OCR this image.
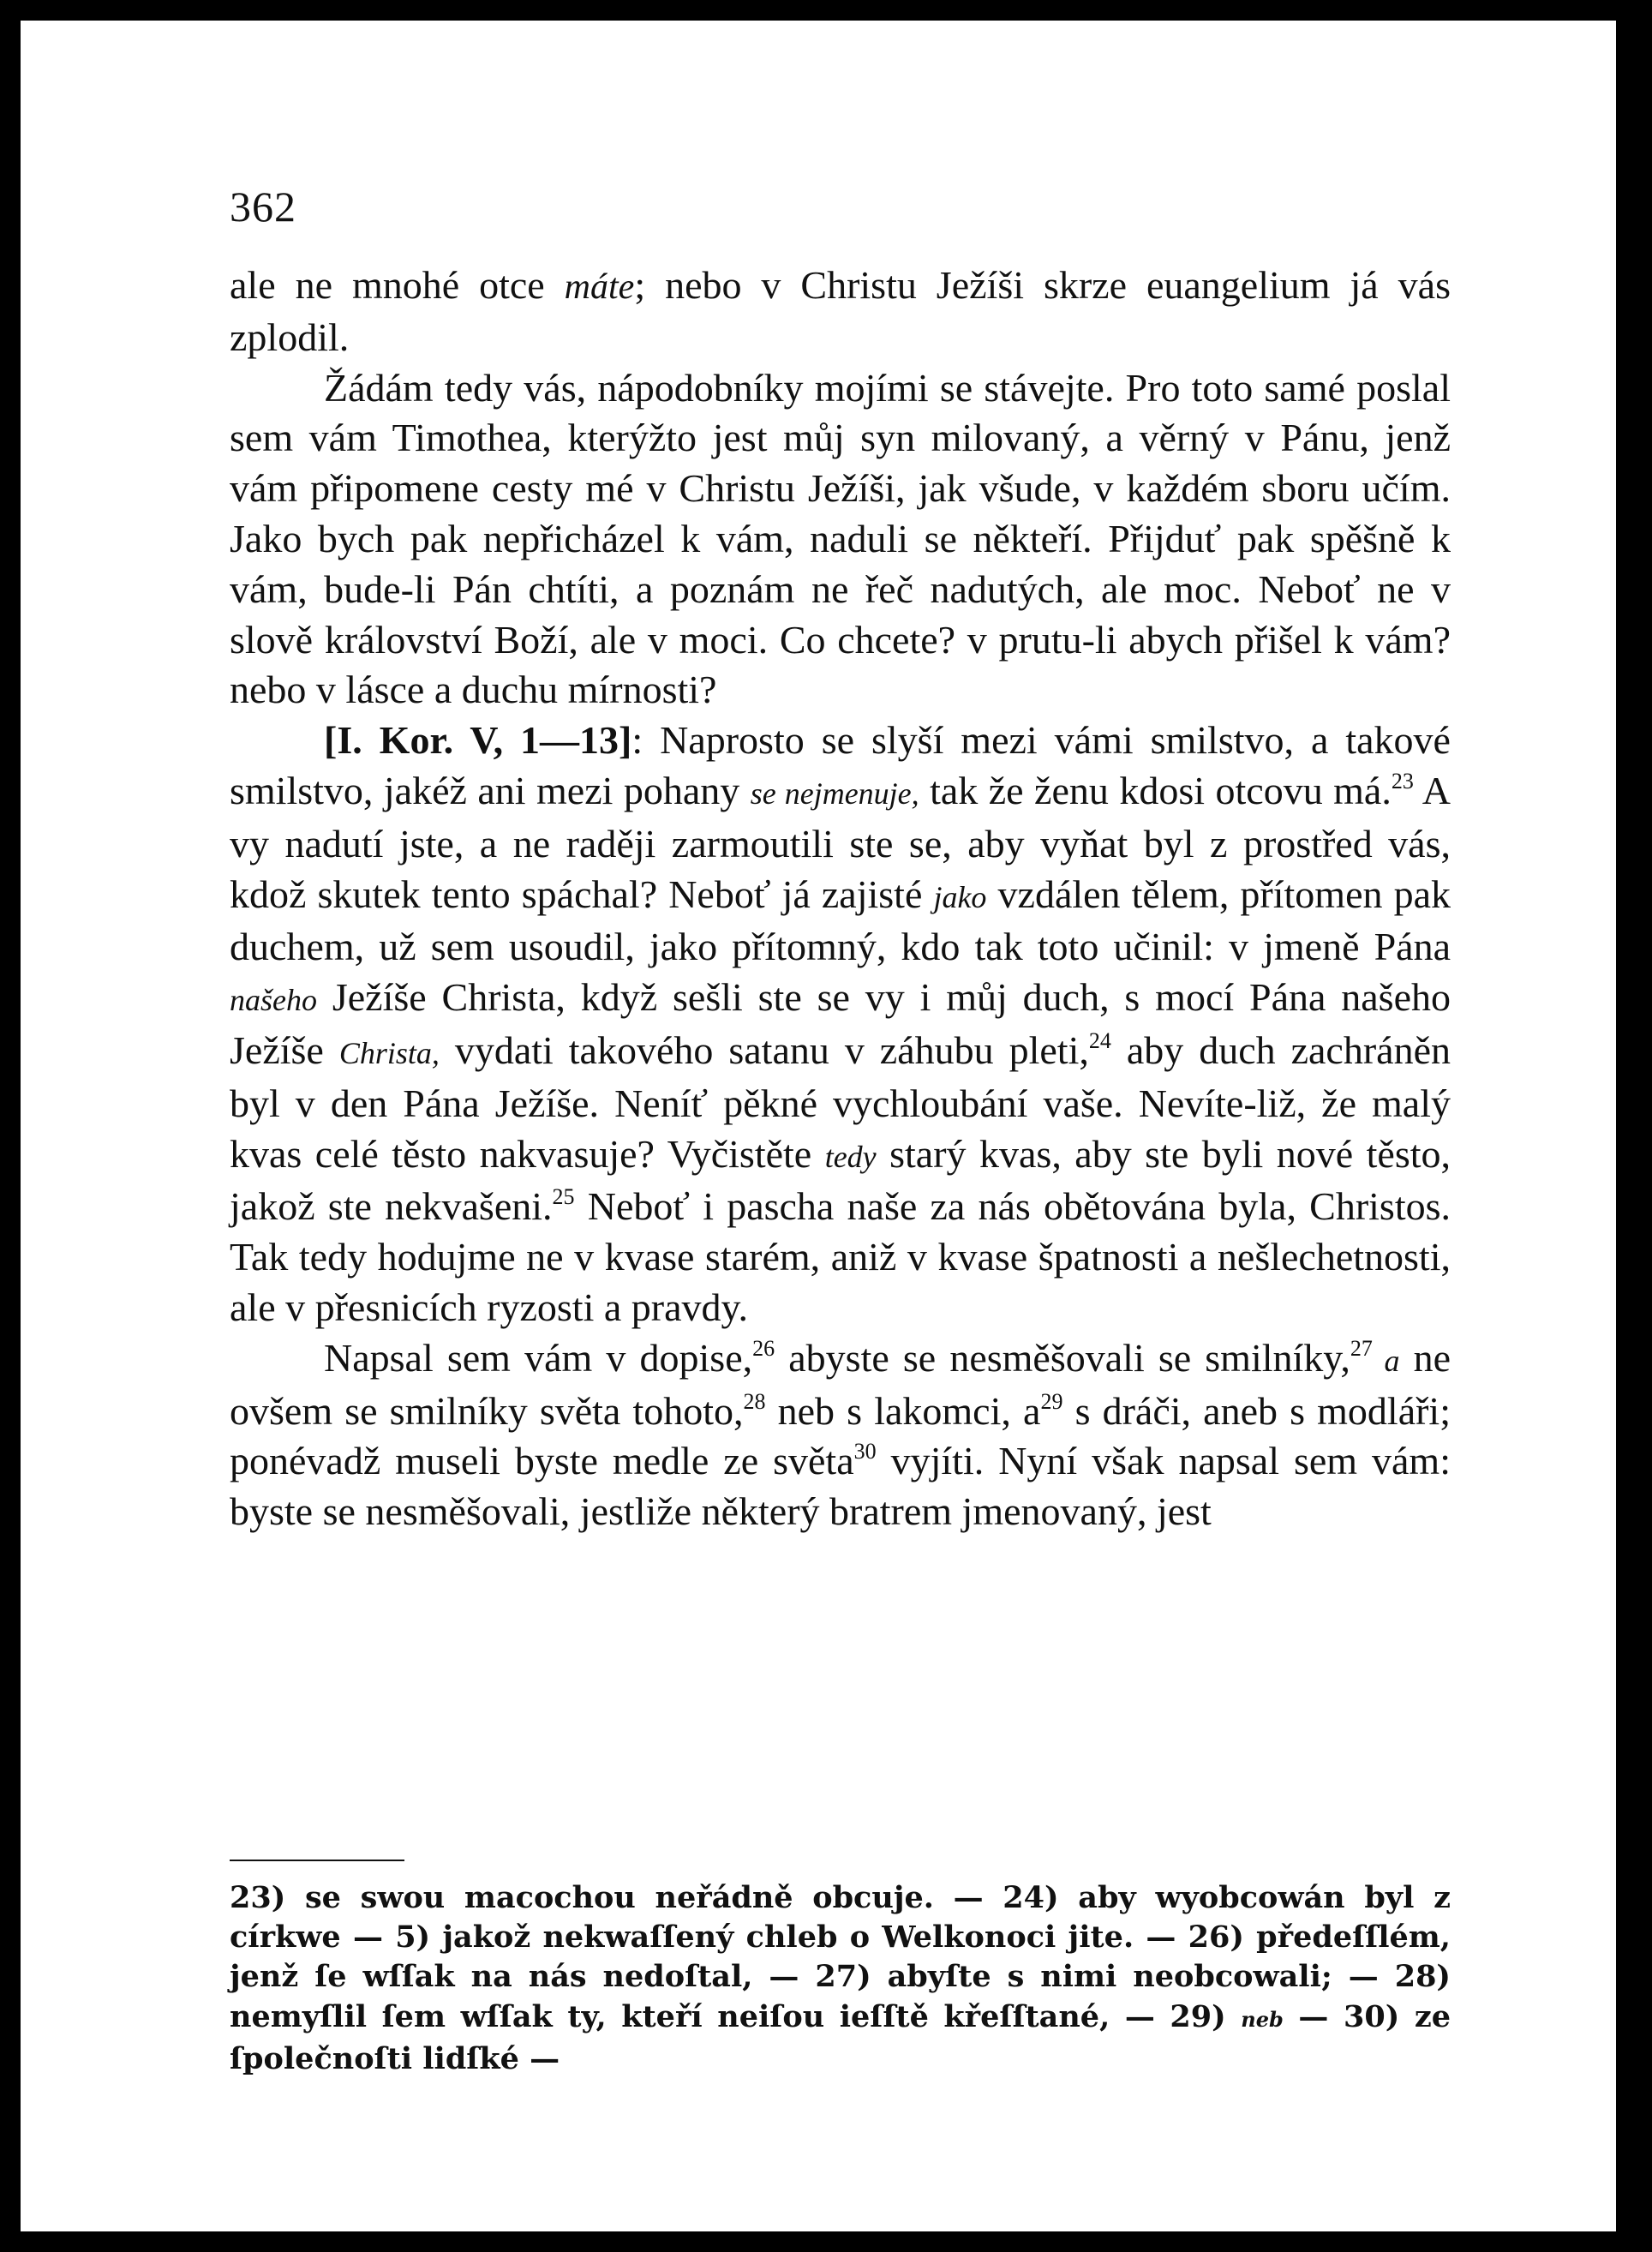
362

ale ne mnohé otce máte; nebo v Christu Ježíši skrze euangelium já vás zplodil.

Žádám tedy vás, nápodobníky mojími se stávejte. Pro toto samé poslal sem vám Timothea, kterýžto jest můj syn milovaný, a věrný v Pánu, jenž vám připomene cesty mé v Christu Ježíši, jak všude, v každém sboru učím. Jako bych pak nepřicházel k vám, naduli se někteří. Přijduť pak spěšně k vám, bude-li Pán chtíti, a poznám ne řeč nadutých, ale moc. Neboť ne v slově království Boží, ale v moci. Co chcete? v prutu-li abych přišel k vám? nebo v lásce a duchu mírnosti?

[I. Kor. V, 1—13]: Naprosto se slyší mezi vámi smilstvo, a takové smilstvo, jakéž ani mezi pohany se nejmenuje, tak že ženu kdosi otcovu má.$^{23}$ A vy nadutí jste, a ne raději zarmoutili ste se, aby vyňat byl z prostřed vás, kdož skutek tento spáchal? Neboť já zajisté jako vzdálen tělem, přítomen pak duchem, už sem usoudil, jako přítomný, kdo tak toto učinil: v jmeně Pána našeho Ježíše Christa, když sešli ste se vy i můj duch, s mocí Pána našeho Ježíše Christa, vydati takového satanu v záhubu pleti,$^{24}$ aby duch zachráněn byl v den Pána Ježíše. Neníť pěkné vychloubání vaše. Nevíte-liž, že malý kvas celé těsto nakvasuje? Vyčistěte tedy starý kvas, aby ste byli nové těsto, jakož ste nekvašeni.$^{25}$ Neboť i pascha naše za nás obětována byla, Christos. Tak tedy hodujme ne v kvase starém, aniž v kvase špatnosti a nešlechetnosti, ale v přesnicích ryzosti a pravdy.

Napsal sem vám v dopise,$^{26}$ abyste se nesměšovali se smilníky,$^{27}$ a ne ovšem se smilníky světa tohoto,$^{28}$ neb s lakomci, $a^{29}$ s dráči, aneb s modláři; ponévadž museli byste medle ze světa$^{30}$ vyjíti. Nyní však napsal sem vám: byste se nesměšovali, jestliže některý bratrem jmenovaný, jest

23) se swou macochou neřádně obcuje. — 24) aby wyobcowán byl z církwe — 5) jakož nekwaſſený chleb o Welkonoci jite. — 26) předeſſlém, jenž ſe wſſak na nás nedoſtal, — 27) abyſte s nimi neobcowali; — 28) nemyſlil ſem wſſak ty, kteří neiſou ieſſtě křeſſtané, — 29) neb — 30) ze ſpolečnoſti lidſké —
